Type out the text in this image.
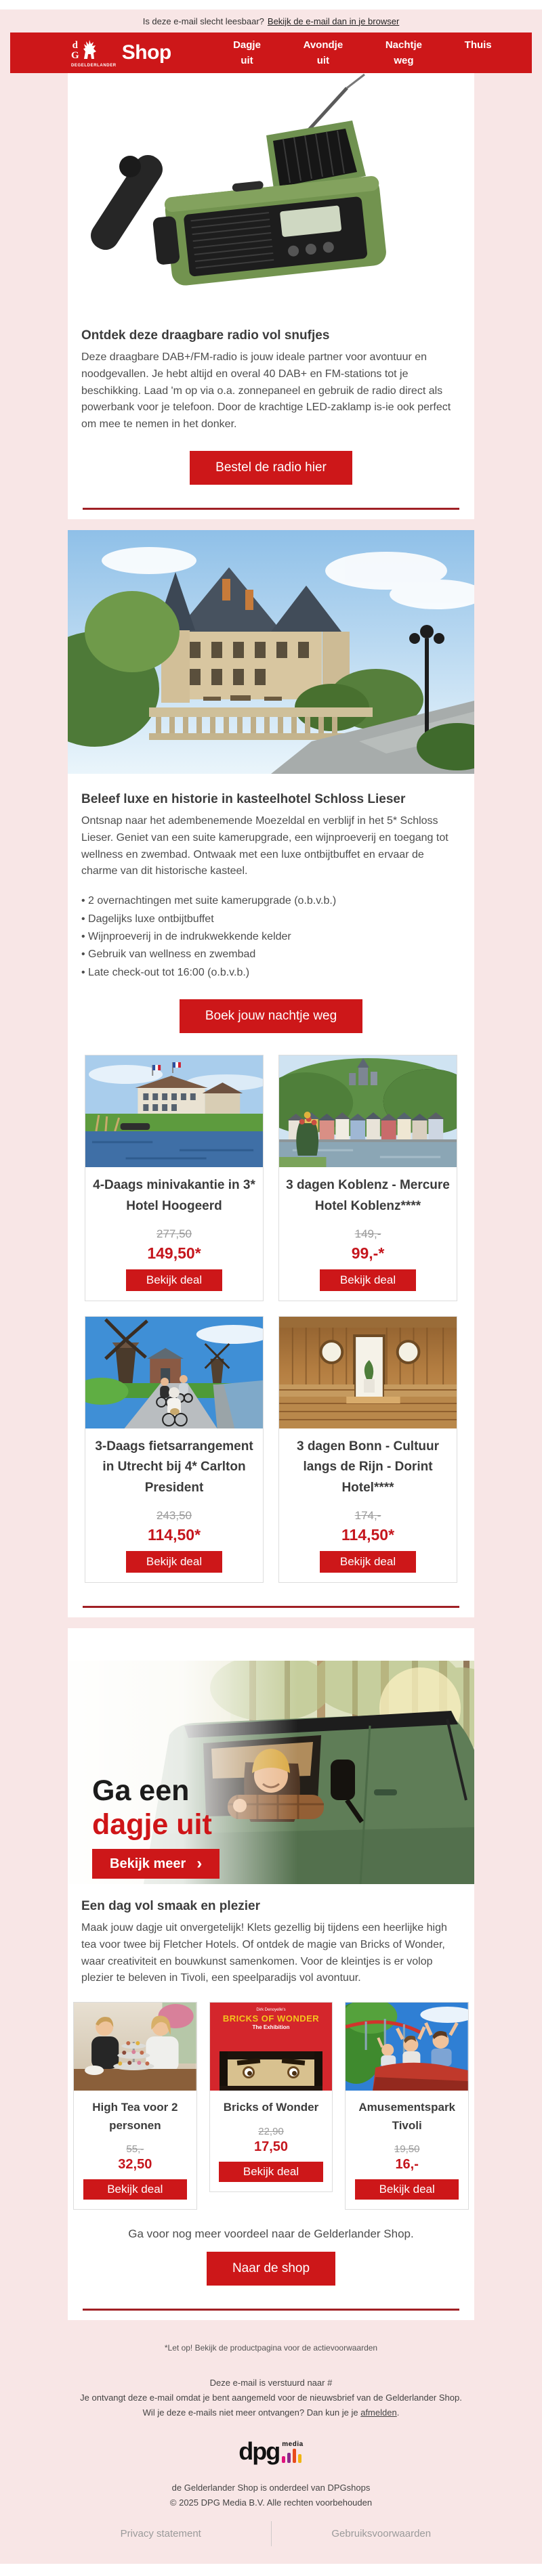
Is deze e-mail slecht leesbaar? Bekijk de e-mail dan in je browser
d
G
DEGELDERLANDER
Shop	Dagje
uit
Avondje
uit
Nachtje
weg
Thuis
Ontdek deze draagbare radio vol snufjes

Deze draagbare DAB+/FM-radio is jouw ideale partner voor avontuur en noodgevallen. Je hebt altijd en overal 40 DAB+ en FM-stations tot je beschikking. Laad 'm op via o.a. zonnepaneel en gebruik de radio direct als powerbank voor je telefoon. Door de krachtige LED-zaklamp is-ie ook perfect om mee te nemen in het donker.

Bestel de radio hier
Beleef luxe en historie in kasteelhotel Schloss Lieser

Ontsnap naar het adembenemende Moezeldal en verblijf in het 5* Schloss Lieser. Geniet van een suite kamerupgrade, een wijnproeverij en toegang tot wellness en zwembad. Ontwaak met een luxe ontbijtbuffet en ervaar de charme van dit historische kasteel.

• 2 overnachtingen met suite kamerupgrade (o.b.v.b.)
• Dagelijks luxe ontbijtbuffet
• Wijnproeverij in de indrukwekkende kelder
• Gebruik van wellness en zwembad
• Late check-out tot 16:00 (o.b.v.b.)
Boek jouw nachtje weg
4-Daags minivakantie in 3* Hotel Hoogeerd
277,50
149,50*
Bekijk deal
3 dagen Koblenz - Mercure Hotel Koblenz****
149,-
99,-*
Bekijk deal
3-Daags fietsarrangement in Utrecht bij 4* Carlton President
243,50
114,50*
Bekijk deal
3 dagen Bonn - Cultuur langs de Rijn - Dorint Hotel****
174,-
114,50*
Bekijk deal
Ga een
dagje uit
Bekijk meer ›
Een dag vol smaak en plezier

Maak jouw dagje uit onvergetelijk! Klets gezellig bij tijdens een heerlijke high tea voor twee bij Fletcher Hotels. Of ontdek de magie van Bricks of Wonder, waar creativiteit en bouwkunst samenkomen. Voor de kleintjes is er volop plezier te beleven in Tivoli, een speelparadijs vol avontuur.

High Tea voor 2 personen
55,-
32,50
Bekijk deal
Dirk Denoyelle's
BRICKS OF WONDER
The Exhibition
Bricks of Wonder
22,90
17,50
Bekijk deal
Amusementspark Tivoli
19,50
16,-
Bekijk deal

Ga voor nog meer voordeel naar de Gelderlander Shop.

Naar de shop
*Let op! Bekijk de productpagina voor de actievoorwaarden
Deze e-mail is verstuurd naar #
Je ontvangt deze e-mail omdat je bent aangemeld voor de nieuwsbrief van de Gelderlander Shop.
Wil je deze e-mails niet meer ontvangen? Dan kun je je afmelden.
dpg media
de Gelderlander Shop is onderdeel van DPGshops
© 2025 DPG Media B.V. Alle rechten voorbehouden
Privacy statement	Gebruiksvoorwaarden
